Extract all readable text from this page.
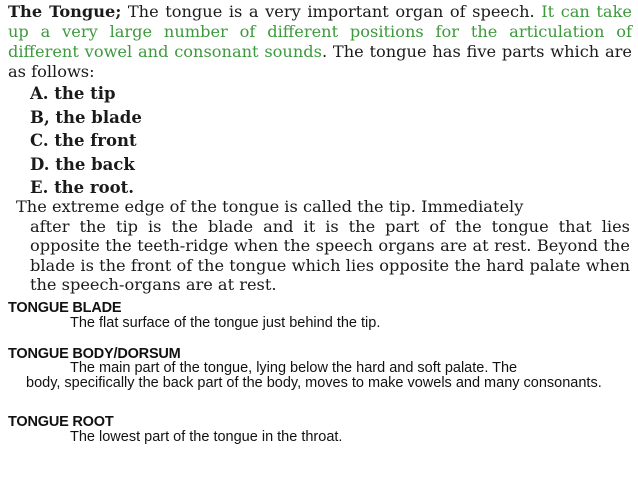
The Tongue; The tongue is a very important organ of speech. It can take up a very large number of different positions for the articulation of different vowel and consonant sounds. The tongue has five parts which are as follows:
A. the tip
B, the blade
C. the front
D. the back
E. the root.
The extreme edge of the tongue is called the tip. Immediately
after the tip is the blade and it is the part of the tongue that lies opposite the teeth-ridge when the speech organs are at rest. Beyond the blade is the front of the tongue which lies opposite the hard palate when the speech-organs are at rest.
TONGUE BLADE
The flat surface of the tongue just behind the tip.
TONGUE BODY/DORSUM
The main part of the tongue, lying below the hard and soft palate. The
body, specifically the back part of the body, moves to make vowels and many consonants.
TONGUE ROOT
The lowest part of the tongue in the throat.
